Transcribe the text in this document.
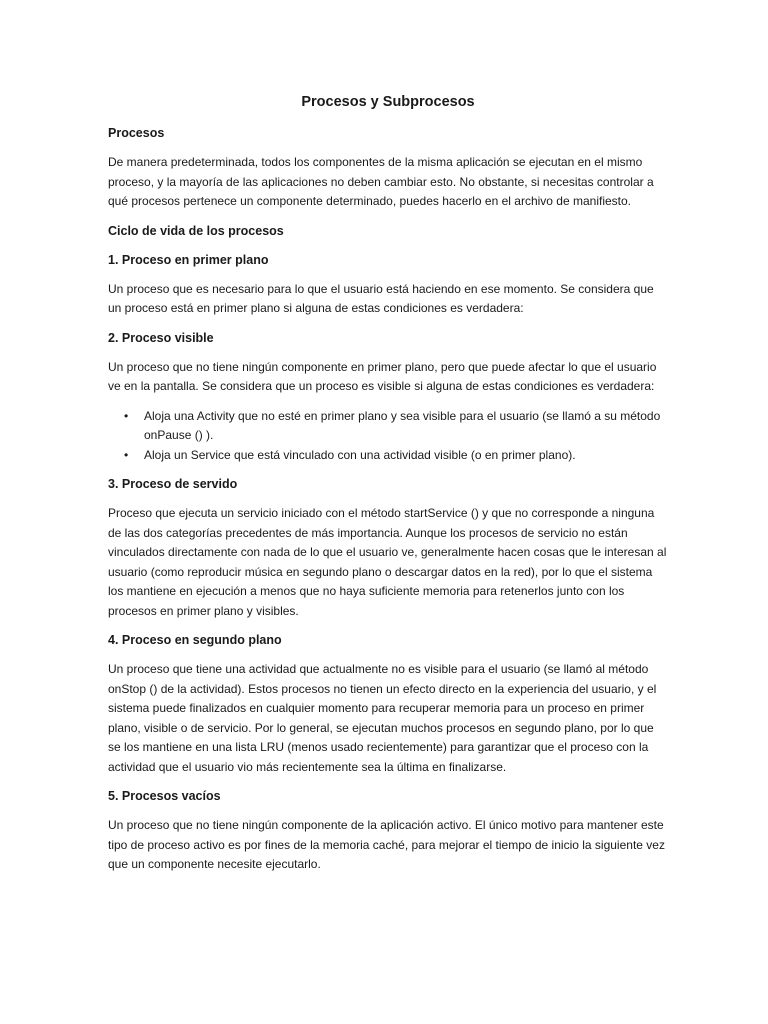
Procesos y Subprocesos
Procesos

De manera predeterminada, todos los componentes de la misma aplicación se ejecutan en el mismo proceso, y la mayoría de las aplicaciones no deben cambiar esto. No obstante, si necesitas controlar a qué procesos pertenece un componente determinado, puedes hacerlo en el archivo de manifiesto.

Ciclo de vida de los procesos
1. Proceso en primer plano

Un proceso que es necesario para lo que el usuario está haciendo en ese momento. Se considera que un proceso está en primer plano si alguna de estas condiciones es verdadera:

2. Proceso visible

Un proceso que no tiene ningún componente en primer plano, pero que puede afectar lo que el usuario ve en la pantalla. Se considera que un proceso es visible si alguna de estas condiciones es verdadera:

• Aloja una Activity que no esté en primer plano y sea visible para el usuario (se llamó a su método onPause () ).
• Aloja un Service que está vinculado con una actividad visible (o en primer plano).
3. Proceso de servido

Proceso que ejecuta un servicio iniciado con el método startService () y que no corresponde a ninguna de las dos categorías precedentes de más importancia. Aunque los procesos de servicio no están vinculados directamente con nada de lo que el usuario ve, generalmente hacen cosas que le interesan al usuario (como reproducir música en segundo plano o descargar datos en la red), por lo que el sistema los mantiene en ejecución a menos que no haya suficiente memoria para retenerlos junto con los procesos en primer plano y visibles.

4. Proceso en segundo plano

Un proceso que tiene una actividad que actualmente no es visible para el usuario (se llamó al método onStop () de la actividad). Estos procesos no tienen un efecto directo en la experiencia del usuario, y el sistema puede finalizados en cualquier momento para recuperar memoria para un proceso en primer plano, visible o de servicio. Por lo general, se ejecutan muchos procesos en segundo plano, por lo que se los mantiene en una lista LRU (menos usado recientemente) para garantizar que el proceso con la actividad que el usuario vio más recientemente sea la última en finalizarse.

5. Procesos vacíos

Un proceso que no tiene ningún componente de la aplicación activo. El único motivo para mantener este tipo de proceso activo es por fines de la memoria caché, para mejorar el tiempo de inicio la siguiente vez que un componente necesite ejecutarlo.
